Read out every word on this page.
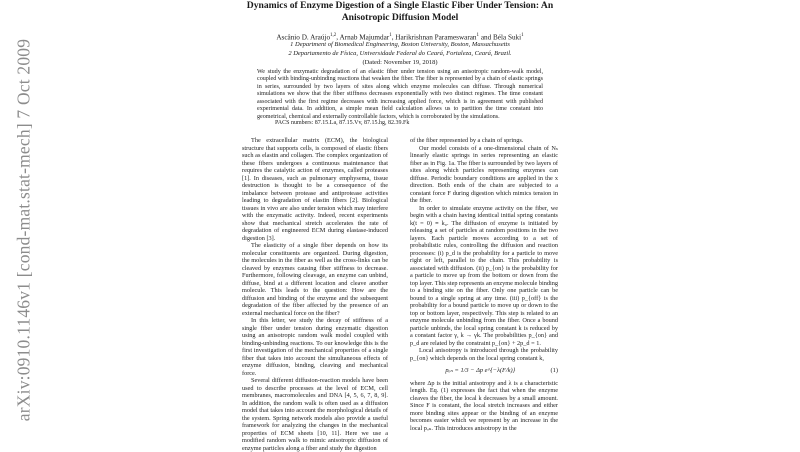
arXiv:0910.1146v1 [cond-mat.stat-mech] 7 Oct 2009
Dynamics of Enzyme Digestion of a Single Elastic Fiber Under Tension: An
Anisotropic Diffusion Model
Ascânio D. Araújo$^{1,2}$, Arnab Majumdar$^1$, Harikrishnan Parameswaran$^1$ and Béla Suki$^1$
1 Department of Biomedical Engineering, Boston University, Boston, Massachusetts
2 Departamento de Física, Universidade Federal do Ceará, Fortaleza, Ceará, Brazil.
(Dated: November 19, 2018)

We study the enzymatic degradation of an elastic fiber under tension using an anisotropic random-walk model, coupled with binding-unbinding reactions that weaken the fiber. The fiber is represented by a chain of elastic springs in series, surrounded by two layers of sites along which enzyme molecules can diffuse. Through numerical simulations we show that the fiber stiffness decreases exponentially with two distinct regimes. The time constant associated with the first regime decreases with increasing applied force, which is in agreement with published experimental data. In addition, a simple mean field calculation allows us to partition the time constant into geometrical, chemical and externally controllable factors, which is corroborated by the simulations.

PACS numbers: 87.15.La, 87.15.Vv, 87.15.hg, 82.39.Fk

The extracellular matrix (ECM), the biological structure that supports cells, is composed of elastic fibers such as elastin and collagen. The complex organization of these fibers undergoes a continuous maintenance that requires the catalytic action of enzymes, called proteases [1]. In diseases, such as pulmonary emphysema, tissue destruction is thought to be a consequence of the imbalance between protease and antiprotease activities leading to degradation of elastin fibers [2]. Biological tissues in vivo are also under tension which may interfere with the enzymatic activity. Indeed, recent experiments show that mechanical stretch accelerates the rate of degradation of engineered ECM during elastase-induced digestion [3].

The elasticity of a single fiber depends on how its molecular constituents are organized. During digestion, the molecules in the fiber as well as the cross-links can be cleaved by enzymes causing fiber stiffness to decrease. Furthermore, following cleavage, an enzyme can unbind, diffuse, bind at a different location and cleave another molecule. This leads to the question: How are the diffusion and binding of the enzyme and the subsequent degradation of the fiber affected by the presence of an external mechanical force on the fiber?

In this letter, we study the decay of stiffness of a single fiber under tension during enzymatic digestion using an anisotropic random walk model coupled with binding-unbinding reactions. To our knowledge this is the first investigation of the mechanical properties of a single fiber that takes into account the simultaneous effects of enzyme diffusion, binding, cleaving and mechanical force.

Several different diffusion-reaction models have been used to describe processes at the level of ECM, cell membranes, macromolecules and DNA [4, 5, 6, 7, 8, 9]. In addition, the random walk is often used as a diffusion model that takes into account the morphological details of the system. Spring network models also provide a useful framework for analyzing the changes in the mechanical properties of ECM sheets [10, 11]. Here we use a modified random walk to mimic anisotropic diffusion of enzyme particles along a fiber and study the digestion

of the fiber represented by a chain of springs.

Our model consists of a one-dimensional chain of Nₛ linearly elastic springs in series representing an elastic fiber as in Fig. 1a. The fiber is surrounded by two layers of sites along which particles representing enzymes can diffuse. Periodic boundary conditions are applied in the x direction. Both ends of the chain are subjected to a constant force F during digestion which mimics tension in the fiber.

In order to simulate enzyme activity on the fiber, we begin with a chain having identical initial spring constants k(t = 0) ≡ k₀. The diffusion of enzyme is initiated by releasing a set of particles at random positions in the two layers. Each particle moves according to a set of probabilistic rules, controlling the diffusion and reaction processes: (i) p_d is the probability for a particle to move right or left, parallel to the chain. This probability is associated with diffusion. (ii) p_{on} is the probability for a particle to move up from the bottom or down from the top layer. This step represents an enzyme molecule binding to a binding site on the fiber. Only one particle can be bound to a single spring at any time. (iii) p_{off} is the probability for a bound particle to move up or down to the top or bottom layer, respectively. This step is related to an enzyme molecule unbinding from the fiber. Once a bound particle unbinds, the local spring constant k is reduced by a constant factor γ, k → γk. The probabilities p_{on} and p_d are related by the constraint p_{on} + 2p_d = 1.

Local anisotropy is introduced through the probability p_{on} which depends on the local spring constant k,

pₒₙ = 1/3 − Δp e^{−λ(F/k)}	(1)

where Δp is the initial anisotropy and λ is a characteristic length. Eq. (1) expresses the fact that when the enzyme cleaves the fiber, the local k decreases by a small amount. Since F is constant, the local stretch increases and either more binding sites appear or the binding of an enzyme becomes easier which we represent by an increase in the local pₒₙ. This introduces anisotropy in the
